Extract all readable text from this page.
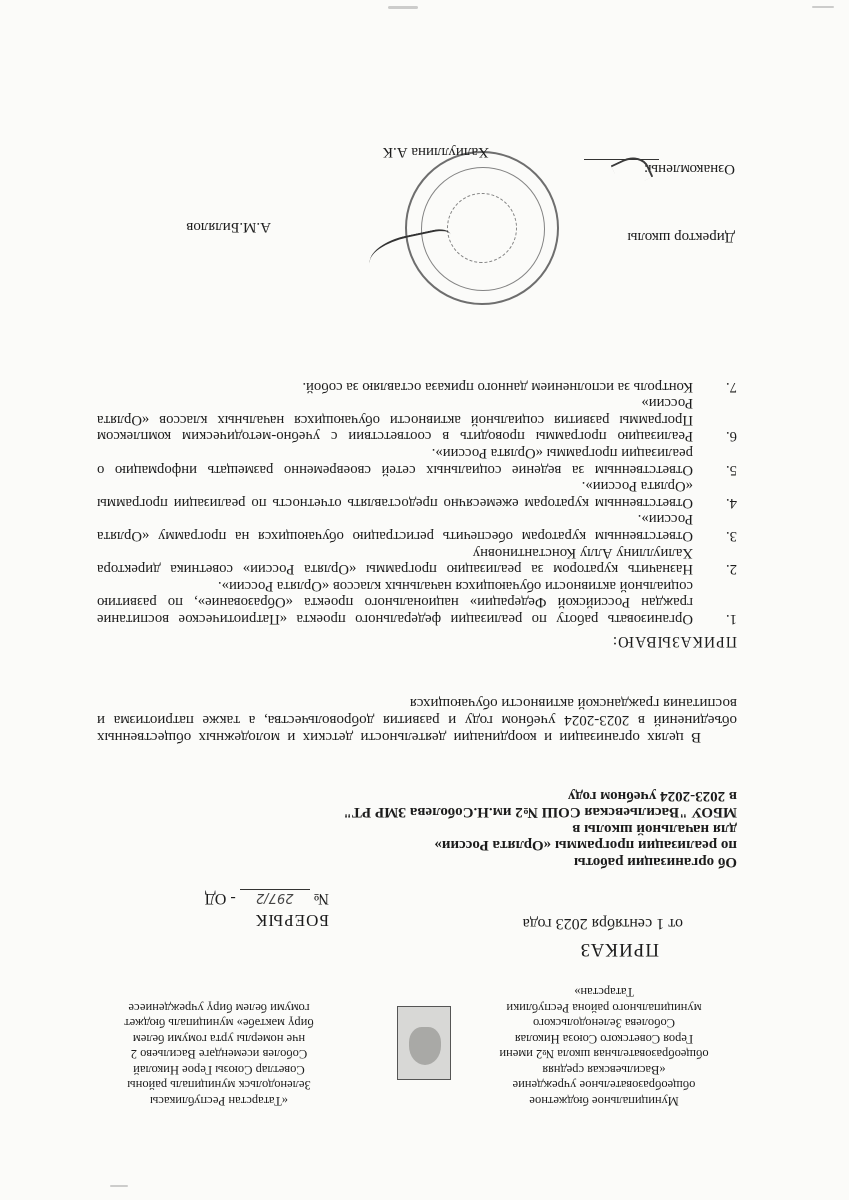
Муниципальное бюджетное
общеобразовательное учреждение
«Васильевская средняя
общеобразовательная школа №2 имени
Героя Советского Союза Николая
Соболева Зеленодольского
муниципального района Республики
Татарстан»
«Татарстан Республикасы
Зеленодольск муниципаль районы
Советлар Союзы Герое Николай
Соболев исемендәге Васильево 2
нче номерлы урта гомуми белем
бирү мәктәбе» муниципаль бюджет
гомуми белем бирү учреждениесе
ПРИКАЗ
БОЕРЫК	от 1 сентября 2023 года
№ 297/2 - ОД
Об организации работы
по реализации программы «Орлята России»
для начальной школы в
МБОУ "Васильевская СОШ №2 им.Н.Соболева ЗМР РТ"
в 2023-2024 учебном году
В целях организации и координации деятельности детских и молодежных общественных объединений в 2023-2024 учебном году и развития добровольчества, а также патриотизма и воспитания гражданской активности обучающихся
ПРИКАЗЫВАЮ:
1.
Организовать работу по реализации федерального проекта «Патриотическое воспитание граждан Российской Федерации» национального проекта «Образование», по развитию социальной активности обучающихся начальных классов «Орлята России».
2.
Назначить куратором за реализацию программы «Орлята России» советника директора Халиуллину Аллу Константиновну
3.
Ответственным кураторам обеспечить регистрацию обучающихся на программу «Орлята России».
4.
Ответственным кураторам ежемесячно предоставлять отчетность по реализации программы «Орлята России».
5.
Ответственным за ведение социальных сетей своевременно размещать информацию о реализации программы «Орлята России».
6.
Реализацию программы проводить в соответствии с учебно-методическим комплексом Программы развития социальной активности обучающихся начальных классов «Орлята России»
7.
Контроль за исполнением данного приказа оставляю за собой.
Директор школы
А.М.Билялов
Ознакомлены:
Халиуллина А.К
